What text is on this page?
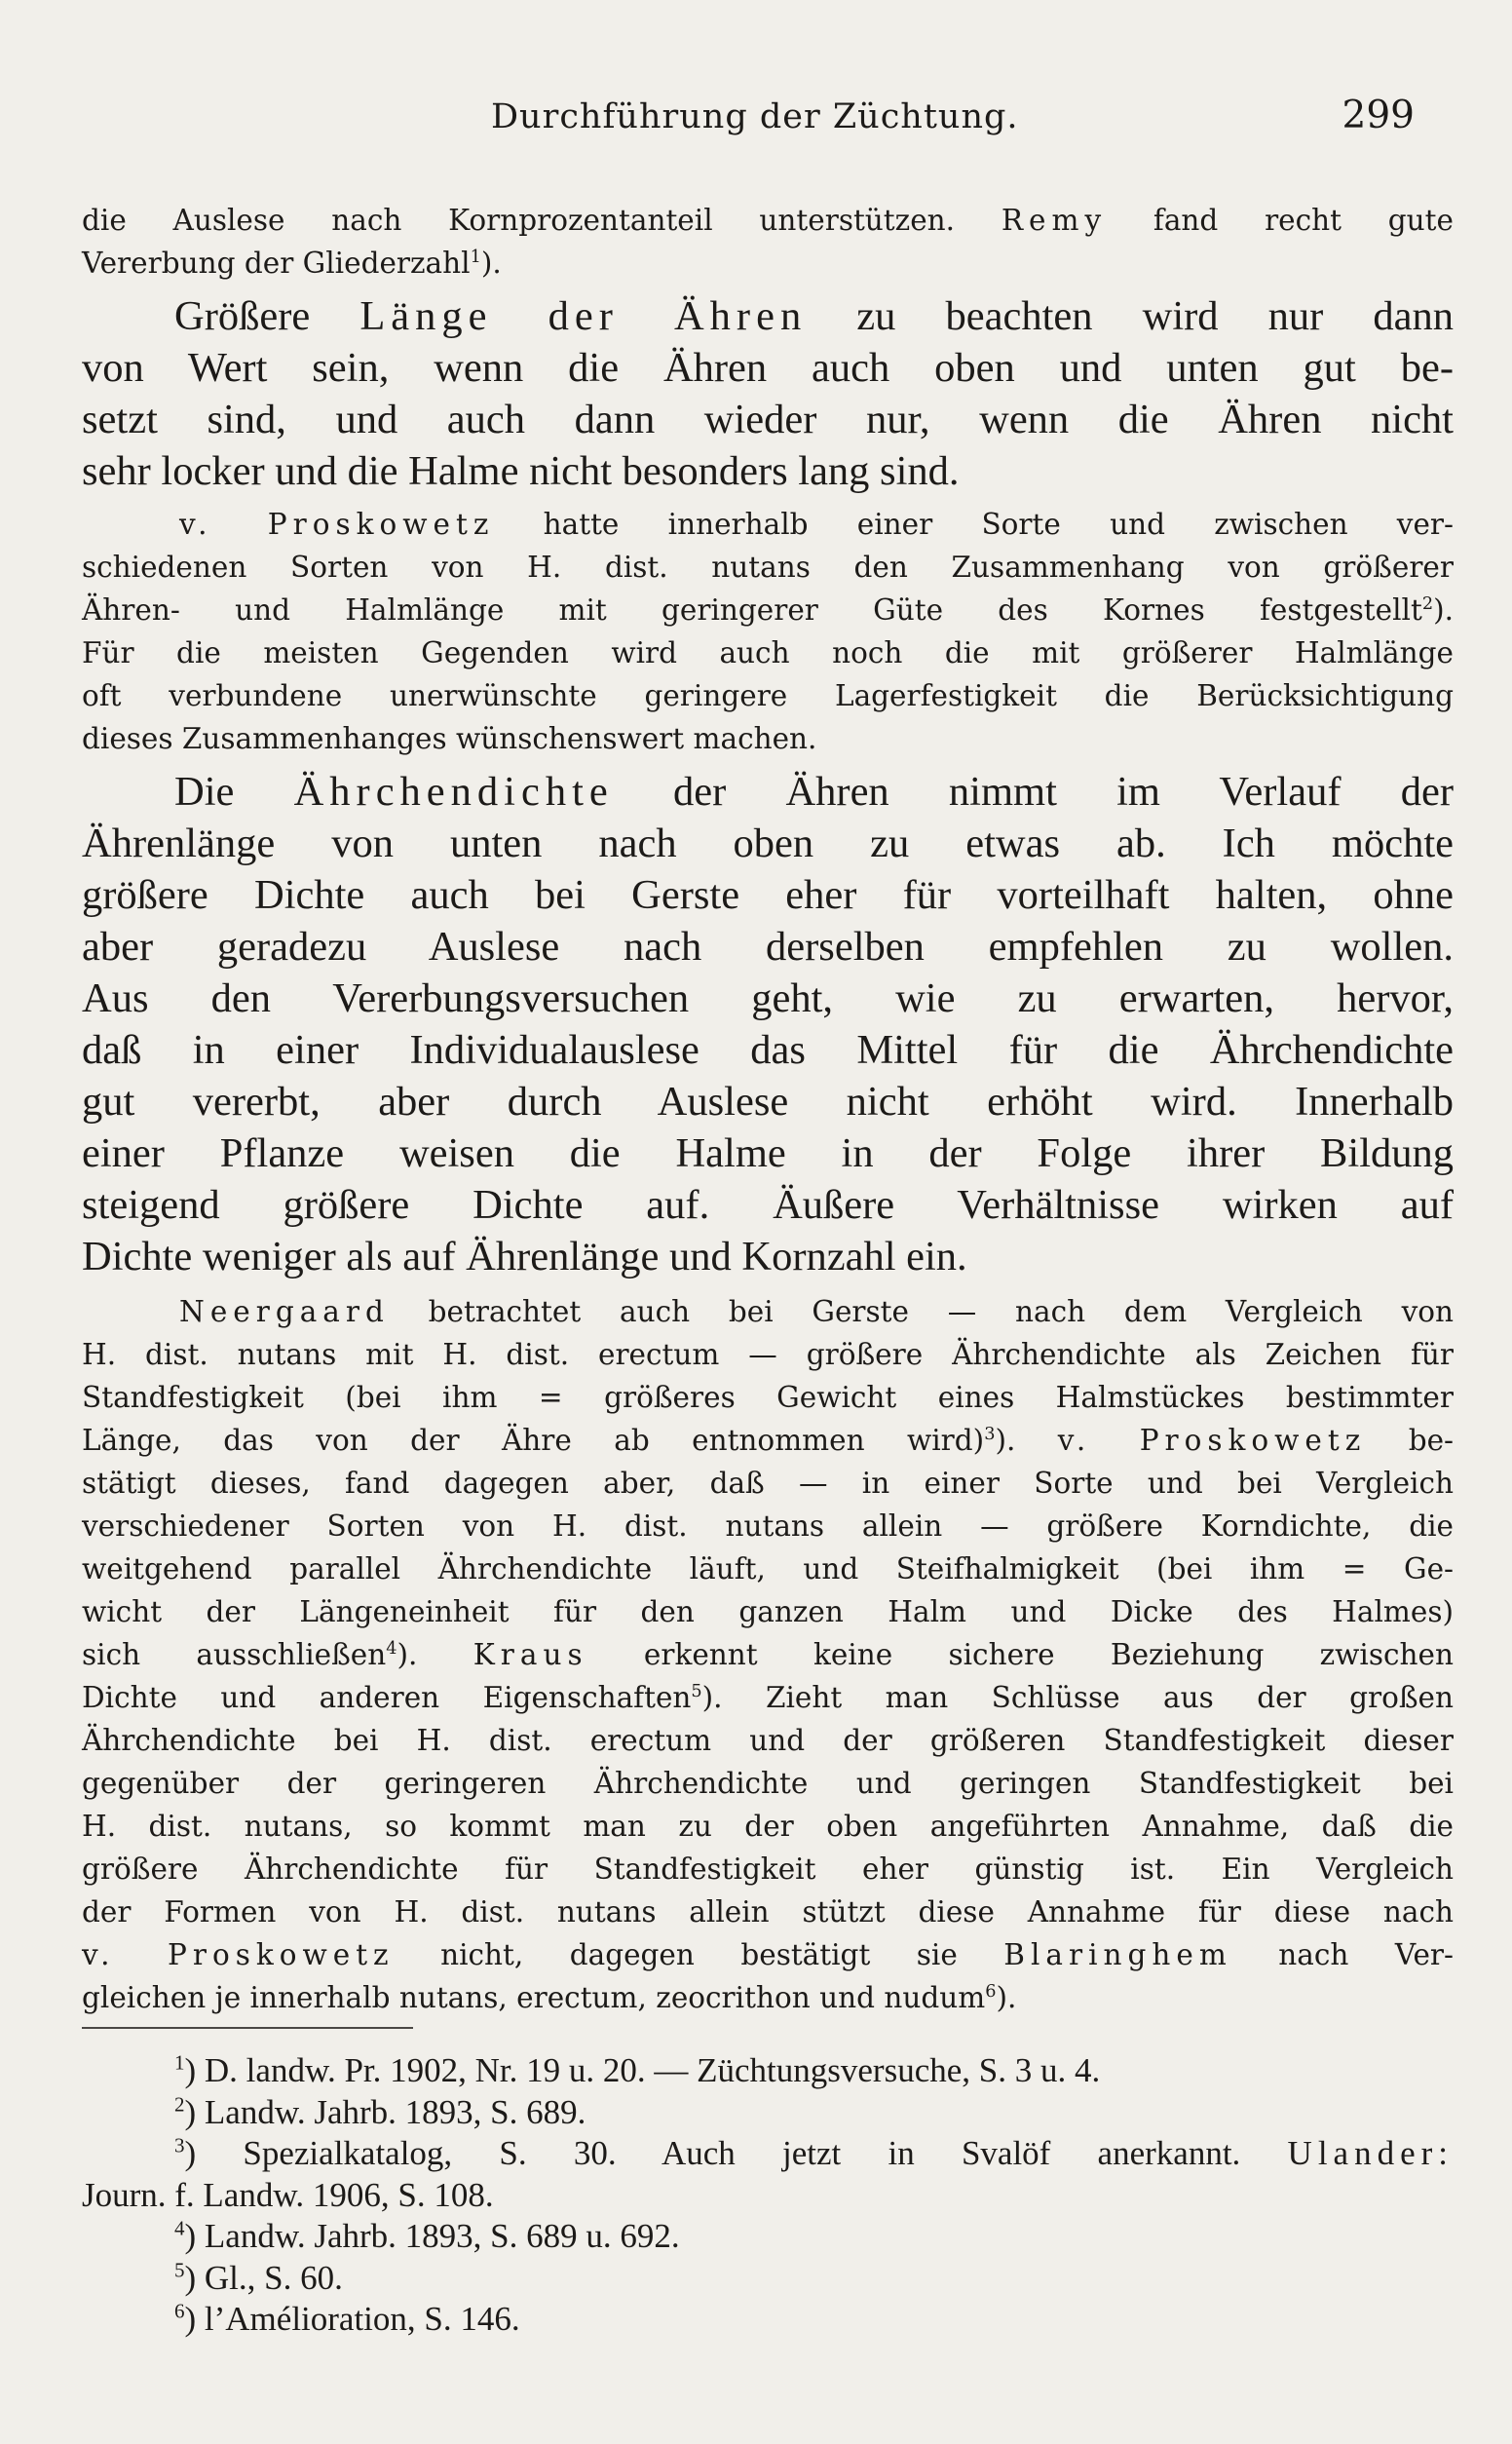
Durchführung der Züchtung.	299
die Auslese nach Kornprozentanteil unterstützen. Remy fand recht gute
Vererbung der Gliederzahl$^1$).
Größere Länge der Ähren zu beachten wird nur dann
von Wert sein, wenn die Ähren auch oben und unten gut be-
setzt sind, und auch dann wieder nur, wenn die Ähren nicht
sehr locker und die Halme nicht besonders lang sind.
v. Proskowetz hatte innerhalb einer Sorte und zwischen ver-
schiedenen Sorten von H. dist. nutans den Zusammenhang von größerer
Ähren- und Halmlänge mit geringerer Güte des Kornes festgestellt$^2$).
Für die meisten Gegenden wird auch noch die mit größerer Halmlänge
oft verbundene unerwünschte geringere Lagerfestigkeit die Berücksichtigung
dieses Zusammenhanges wünschenswert machen.
Die Ährchendichte der Ähren nimmt im Verlauf der
Ährenlänge von unten nach oben zu etwas ab. Ich möchte
größere Dichte auch bei Gerste eher für vorteilhaft halten, ohne
aber geradezu Auslese nach derselben empfehlen zu wollen.
Aus den Vererbungsversuchen geht, wie zu erwarten, hervor,
daß in einer Individualauslese das Mittel für die Ährchendichte
gut vererbt, aber durch Auslese nicht erhöht wird. Innerhalb
einer Pflanze weisen die Halme in der Folge ihrer Bildung
steigend größere Dichte auf. Äußere Verhältnisse wirken auf
Dichte weniger als auf Ährenlänge und Kornzahl ein.
Neergaard betrachtet auch bei Gerste — nach dem Vergleich von
H. dist. nutans mit H. dist. erectum — größere Ährchendichte als Zeichen für
Standfestigkeit (bei ihm = größeres Gewicht eines Halmstückes bestimmter
Länge, das von der Ähre ab entnommen wird)$^3$). v. Proskowetz be-
stätigt dieses, fand dagegen aber, daß — in einer Sorte und bei Vergleich
verschiedener Sorten von H. dist. nutans allein — größere Korndichte, die
weitgehend parallel Ährchendichte läuft, und Steifhalmigkeit (bei ihm = Ge-
wicht der Längeneinheit für den ganzen Halm und Dicke des Halmes)
sich ausschließen$^4$). Kraus erkennt keine sichere Beziehung zwischen
Dichte und anderen Eigenschaften$^5$). Zieht man Schlüsse aus der großen
Ährchendichte bei H. dist. erectum und der größeren Standfestigkeit dieser
gegenüber der geringeren Ährchendichte und geringen Standfestigkeit bei
H. dist. nutans, so kommt man zu der oben angeführten Annahme, daß die
größere Ährchendichte für Standfestigkeit eher günstig ist. Ein Vergleich
der Formen von H. dist. nutans allein stützt diese Annahme für diese nach
v. Proskowetz nicht, dagegen bestätigt sie Blaringhem nach Ver-
gleichen je innerhalb nutans, erectum, zeocrithon und nudum$^6$).
$^1$) D. landw. Pr. 1902, Nr. 19 u. 20. — Züchtungsversuche, S. 3 u. 4.
$^2$) Landw. Jahrb. 1893, S. 689.
$^3$) Spezialkatalog, S. 30. Auch jetzt in Svalöf anerkannt. Ulander:
Journ. f. Landw. 1906, S. 108.
$^4$) Landw. Jahrb. 1893, S. 689 u. 692.
$^5$) Gl., S. 60.
$^6$) l’Amélioration, S. 146.
